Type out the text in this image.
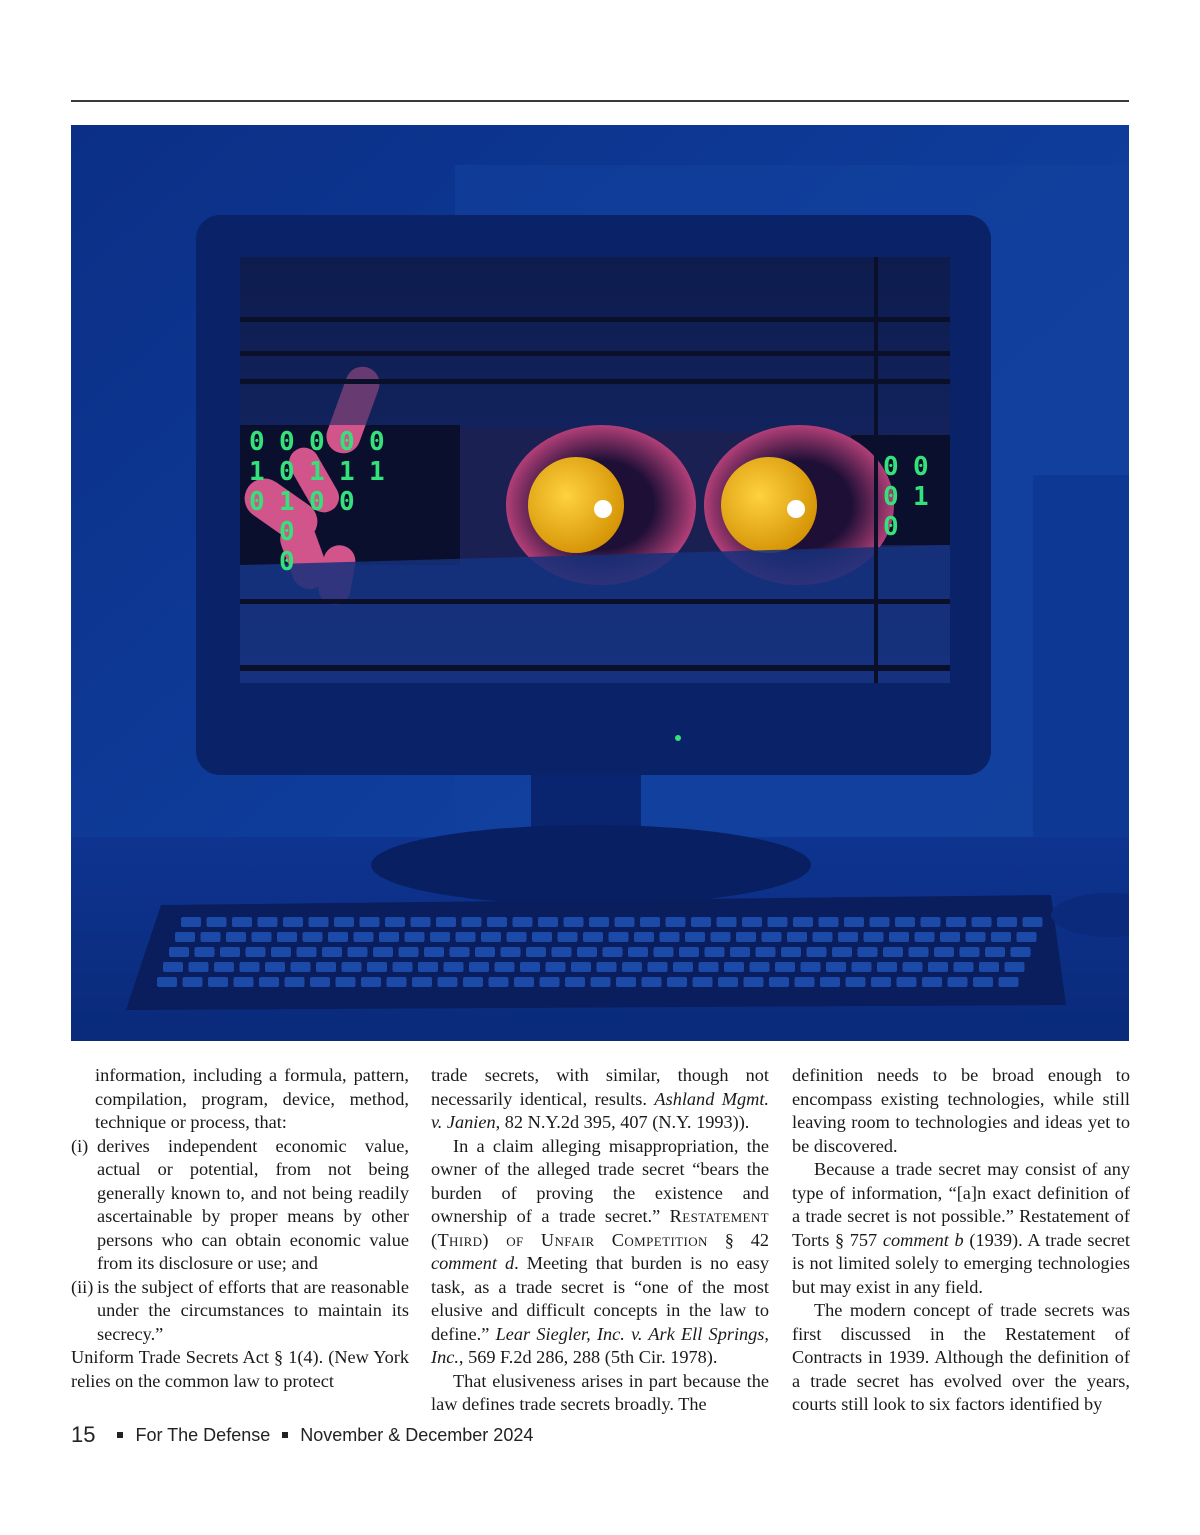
0
1
0
0
0
1
0
0
0
1
0
0
1
0
0
1	0
0
0
0
1

information, including a formula, pattern, compilation, program, device, method, technique or process, that:

(i) derives independent economic value, actual or potential, from not being generally known to, and not being readily ascertainable by proper means by other persons who can obtain economic value from its disclosure or use; and
(ii) is the subject of efforts that are reasonable under the circumstances to maintain its secrecy.”

Uniform Trade Secrets Act § 1(4). (New York relies on the common law to protect

trade secrets, with similar, though not necessarily identical, results. Ashland Mgmt. v. Janien, 82 N.Y.2d 395, 407 (N.Y. 1993)).

In a claim alleging misappropriation, the owner of the alleged trade secret “bears the burden of proving the existence and ownership of a trade secret.” Restatement (Third) of Unfair Competition § 42 comment d. Meeting that burden is no easy task, as a trade secret is “one of the most elusive and difficult concepts in the law to define.” Lear Siegler, Inc. v. Ark Ell Springs, Inc., 569 F.2d 286, 288 (5th Cir. 1978).

That elusiveness arises in part because the law defines trade secrets broadly. The

definition needs to be broad enough to encompass existing technologies, while still leaving room to technologies and ideas yet to be discovered.

Because a trade secret may consist of any type of information, “[a]n exact definition of a trade secret is not possible.” Restatement of Torts § 757 comment b (1939). A trade secret is not limited solely to emerging technologies but may exist in any field.

The modern concept of trade secrets was first discussed in the Restatement of Contracts in 1939. Although the definition of a trade secret has evolved over the years, courts still look to six factors identified by

15 For The Defense November & December 2024
